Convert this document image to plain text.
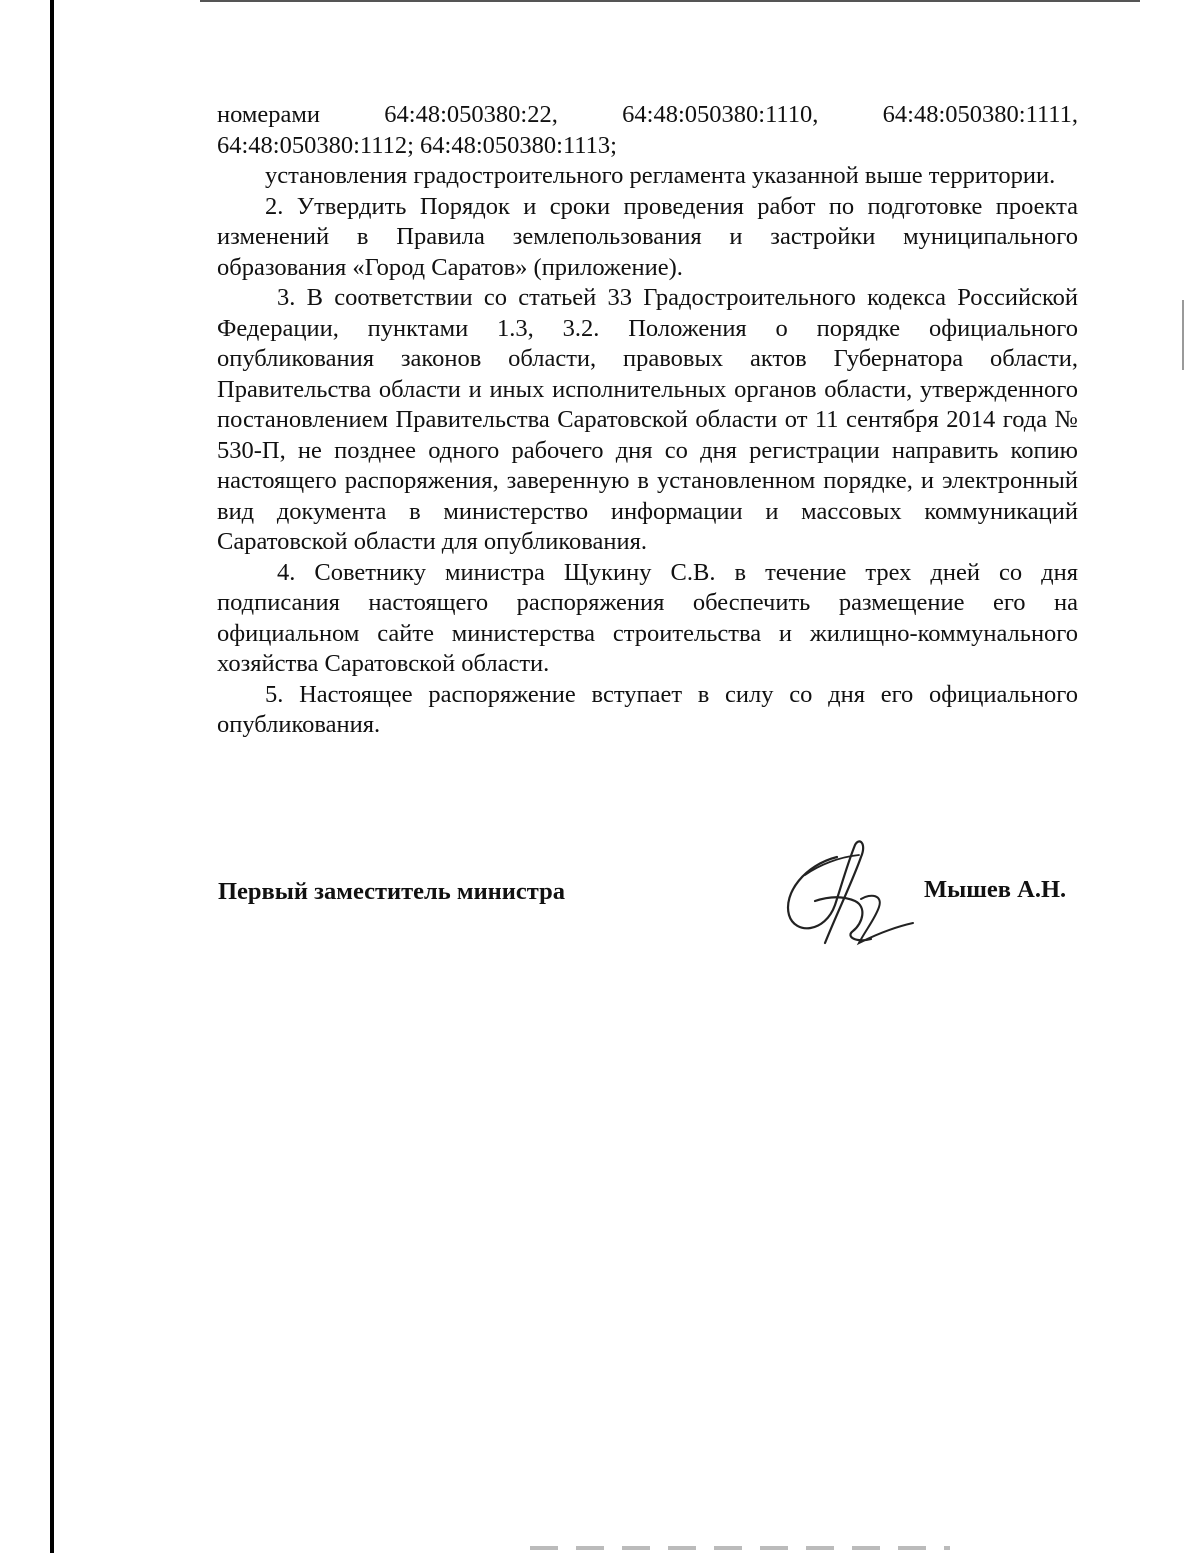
номерами 64:48:050380:22, 64:48:050380:1110, 64:48:050380:1111, 64:48:050380:1112; 64:48:050380:1113;

установления градостроительного регламента указанной выше территории.

2. Утвердить Порядок и сроки проведения работ по подготовке проекта изменений в Правила землепользования и застройки муниципального образования «Город Саратов» (приложение).

3. В соответствии со статьей 33 Градостроительного кодекса Российской Федерации, пунктами 1.3, 3.2. Положения о порядке официального опубликования законов области, правовых актов Губернатора области, Правительства области и иных исполнительных органов области, утвержденного постановлением Правительства Саратовской области от 11 сентября 2014 года № 530-П, не позднее одного рабочего дня со дня регистрации направить копию настоящего распоряжения, заверенную в установленном порядке, и электронный вид документа в министерство информации и массовых коммуникаций Саратовской области для опубликования.

4. Советнику министра Щукину С.В. в течение трех дней со дня подписания настоящего распоряжения обеспечить размещение его на официальном сайте министерства строительства и жилищно-коммунального хозяйства Саратовской области.

5. Настоящее распоряжение вступает в силу со дня его официального опубликования.

Первый заместитель министра	Мышев А.Н.
